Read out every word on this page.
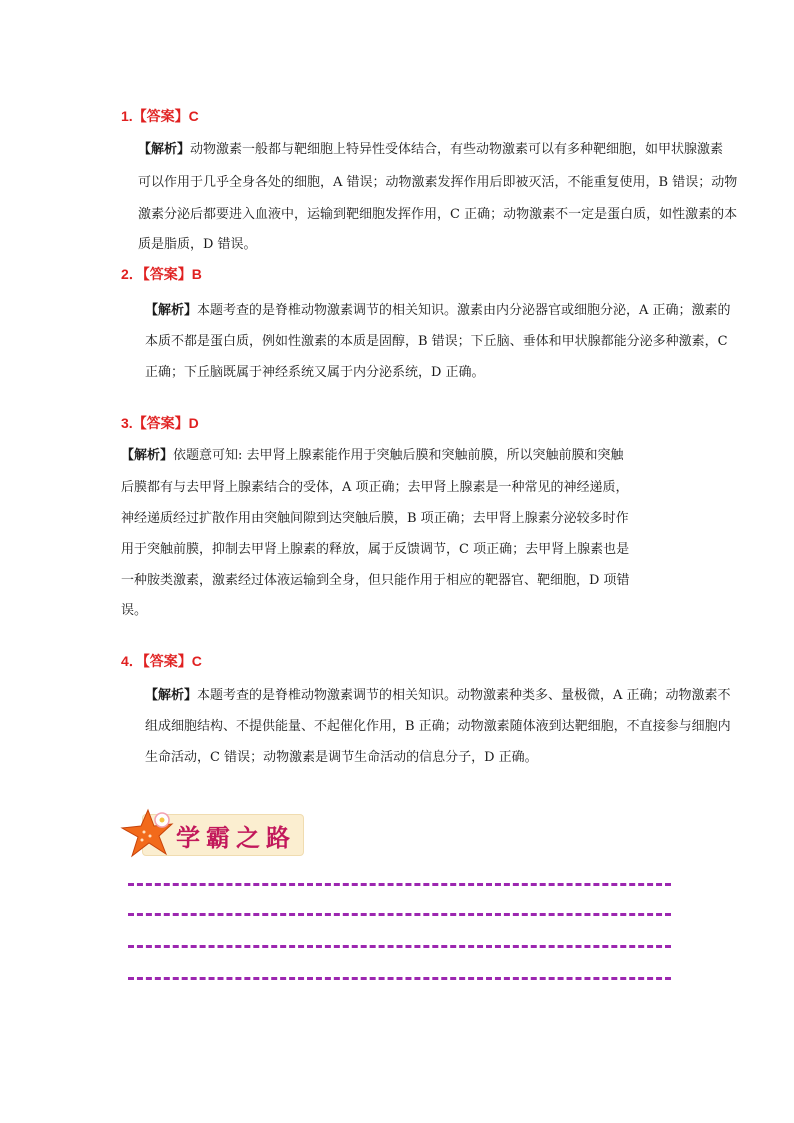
1.【答案】C
【解析】动物激素一般都与靶细胞上特异性受体结合，有些动物激素可以有多种靶细胞，如甲状腺激素
可以作用于几乎全身各处的细胞，A 错误；动物激素发挥作用后即被灭活，不能重复使用，B 错误；动物
激素分泌后都要进入血液中，运输到靶细胞发挥作用，C 正确；动物激素不一定是蛋白质，如性激素的本
质是脂质，D 错误。
2．【答案】B
【解析】本题考查的是脊椎动物激素调节的相关知识。激素由内分泌器官或细胞分泌，A 正确；激素的
本质不都是蛋白质，例如性激素的本质是固醇，B 错误；下丘脑、垂体和甲状腺都能分泌多种激素，C
正确；下丘脑既属于神经系统又属于内分泌系统，D 正确。
3.【答案】D
【解析】依题意可知: 去甲肾上腺素能作用于突触后膜和突触前膜，所以突触前膜和突触
后膜都有与去甲肾上腺素结合的受体，A 项正确；去甲肾上腺素是一种常见的神经递质，
神经递质经过扩散作用由突触间隙到达突触后膜，B 项正确；去甲肾上腺素分泌较多时作
用于突触前膜，抑制去甲肾上腺素的释放，属于反馈调节，C 项正确；去甲肾上腺素也是
一种胺类激素，激素经过体液运输到全身，但只能作用于相应的靶器官、靶细胞，D 项错
误。
4．【答案】C
【解析】本题考查的是脊椎动物激素调节的相关知识。动物激素种类多、量极微，A 正确；动物激素不
组成细胞结构、不提供能量、不起催化作用，B 正确；动物激素随体液到达靶细胞，不直接参与细胞内
生命活动，C 错误；动物激素是调节生命活动的信息分子，D 正确。
学霸之路
